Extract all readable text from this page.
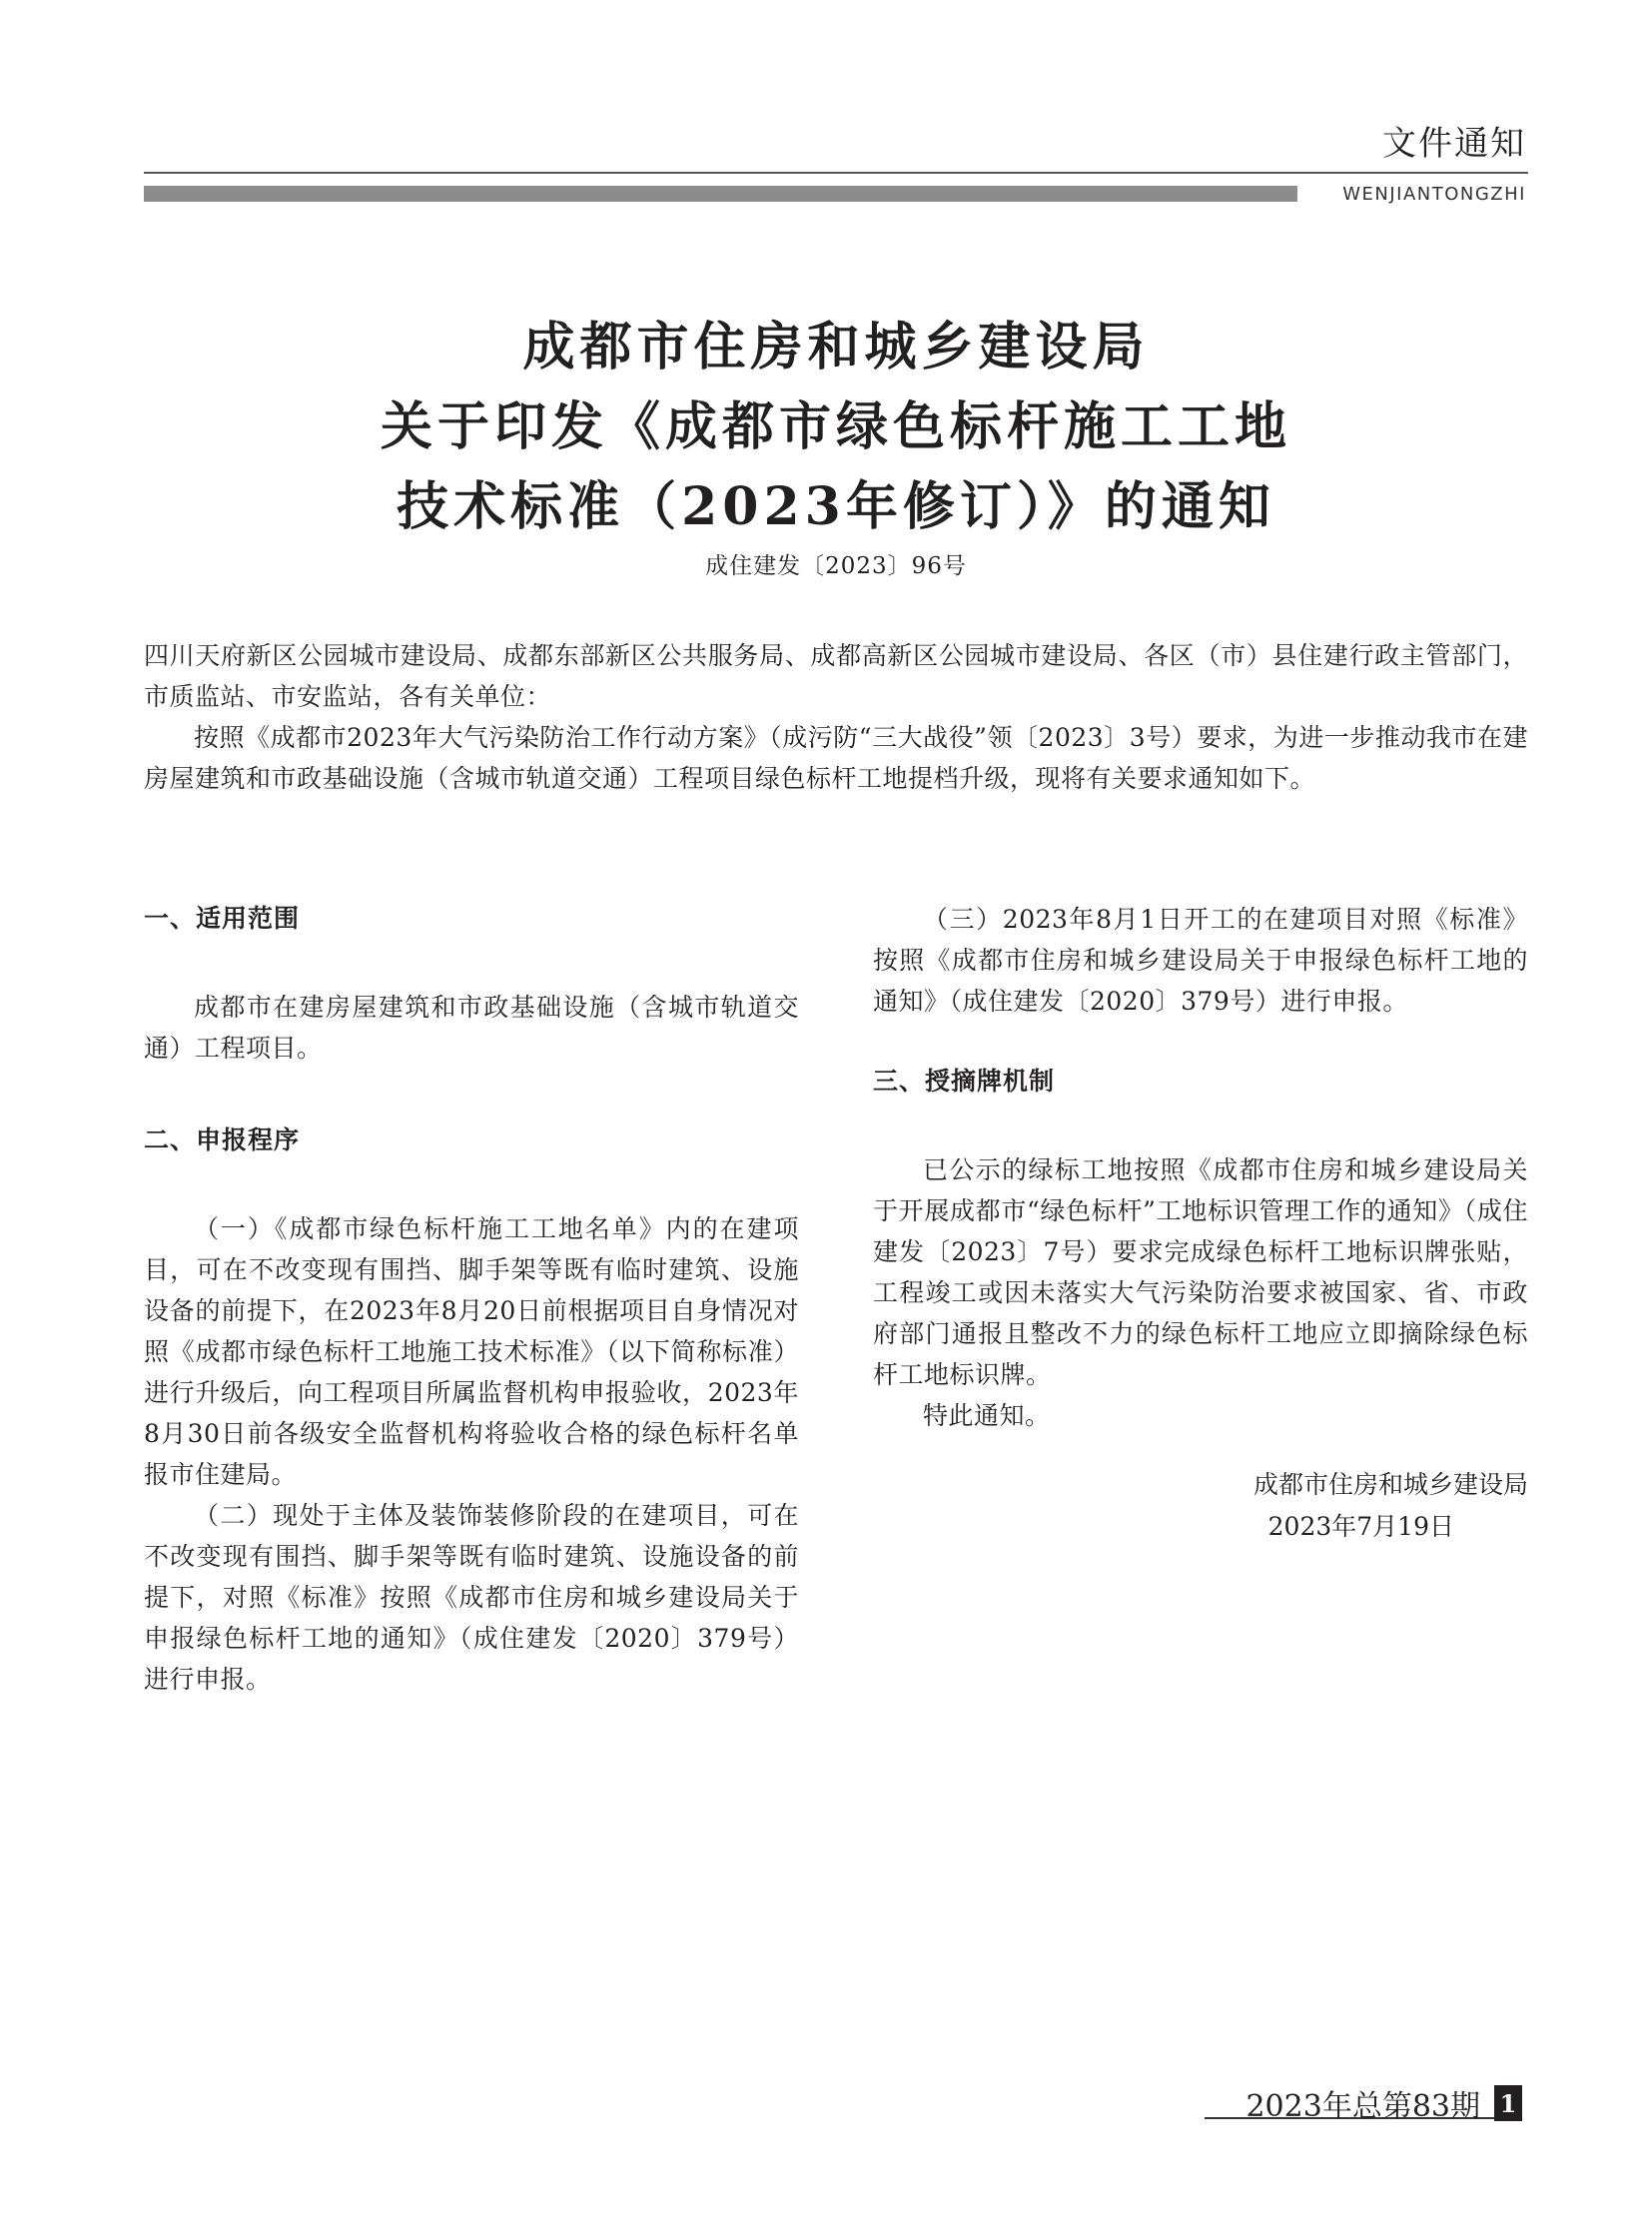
文件通知
WENJIANTONGZHI
成都市住房和城乡建设局
关于印发《成都市绿色标杆施工工地
技术标准（2023年修订）》的通知
成住建发〔2023〕96号
四川天府新区公园城市建设局、成都东部新区公共服务局、成都高新区公园城市建设局、各区（市）县住建行政主管部门，市质监站、市安监站，各有关单位：
按照《成都市2023年大气污染防治工作行动方案》（成污防“三大战役”领〔2023〕3号）要求，为进一步推动我市在建房屋建筑和市政基础设施（含城市轨道交通）工程项目绿色标杆工地提档升级，现将有关要求通知如下。
一、适用范围
成都市在建房屋建筑和市政基础设施（含城市轨道交通）工程项目。
二、申报程序
（一）《成都市绿色标杆施工工地名单》内的在建项目，可在不改变现有围挡、脚手架等既有临时建筑、设施设备的前提下，在2023年8月20日前根据项目自身情况对照《成都市绿色标杆工地施工技术标准》（以下简称标准）进行升级后，向工程项目所属监督机构申报验收，2023年8月30日前各级安全监督机构将验收合格的绿色标杆名单报市住建局。
（二）现处于主体及装饰装修阶段的在建项目，可在不改变现有围挡、脚手架等既有临时建筑、设施设备的前提下，对照《标准》按照《成都市住房和城乡建设局关于申报绿色标杆工地的通知》（成住建发〔2020〕379号）进行申报。
（三）2023年8月1日开工的在建项目对照《标准》按照《成都市住房和城乡建设局关于申报绿色标杆工地的通知》（成住建发〔2020〕379号）进行申报。
三、授摘牌机制
已公示的绿标工地按照《成都市住房和城乡建设局关于开展成都市“绿色标杆”工地标识管理工作的通知》（成住建发〔2023〕7号）要求完成绿色标杆工地标识牌张贴，工程竣工或因未落实大气污染防治要求被国家、省、市政府部门通报且整改不力的绿色标杆工地应立即摘除绿色标杆工地标识牌。
特此通知。
成都市住房和城乡建设局
2023年7月19日
2023年总第83期 1
